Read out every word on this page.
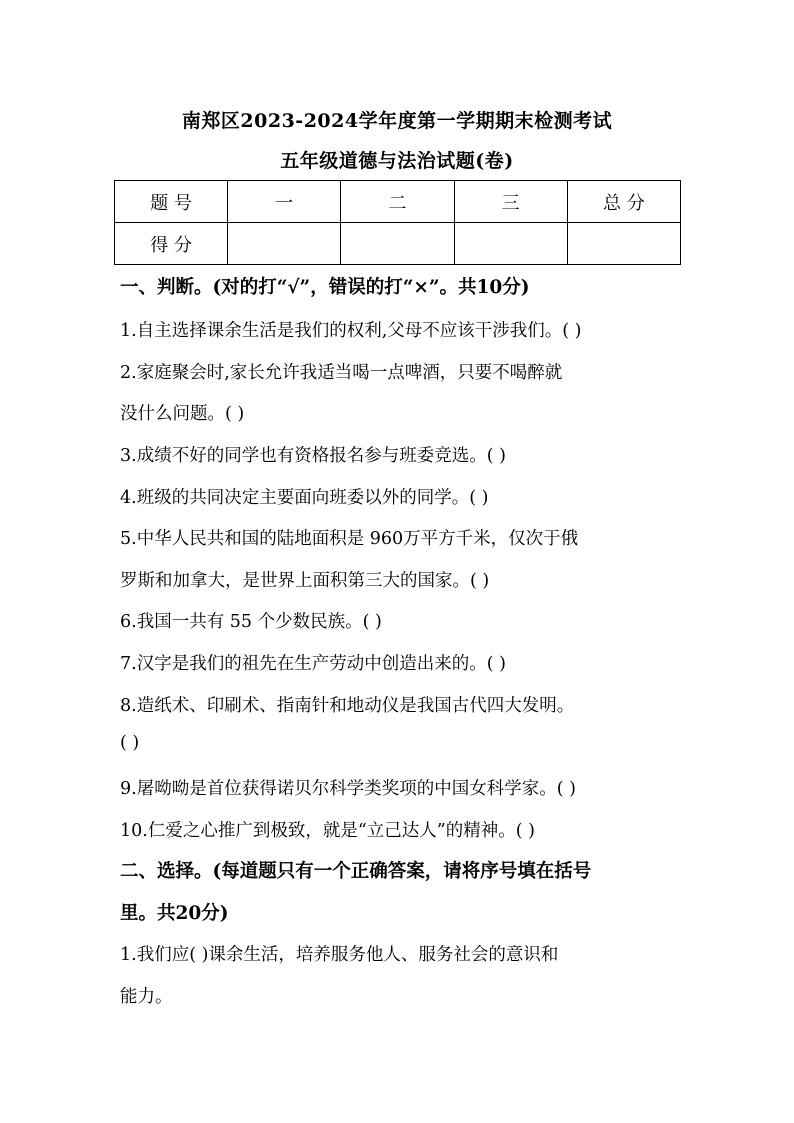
南郑区2023-2024学年度第一学期期末检测考试
五年级道德与法治试题(卷)
题 号	一	二	三	总 分
得 分				
一、判断。(对的打“√”，错误的打“×”。共10分)
1.自主选择课余生活是我们的权利,父母不应该干涉我们。( )
2.家庭聚会时,家长允许我适当喝一点啤酒，只要不喝醉就
没什么问题。( )
3.成绩不好的同学也有资格报名参与班委竞选。( )
4.班级的共同决定主要面向班委以外的同学。( )
5.中华人民共和国的陆地面积是 960万平方千米，仅次于俄
罗斯和加拿大，是世界上面积第三大的国家。( )
6.我国一共有 55 个少数民族。( )
7.汉字是我们的祖先在生产劳动中创造出来的。( )
8.造纸术、印刷术、指南针和地动仪是我国古代四大发明。
( )
9.屠呦呦是首位获得诺贝尔科学类奖项的中国女科学家。( )
10.仁爱之心推广到极致，就是“立己达人”的精神。( )
二、选择。(每道题只有一个正确答案，请将序号填在括号
里。共20分)
1.我们应( )课余生活，培养服务他人、服务社会的意识和
能力。
